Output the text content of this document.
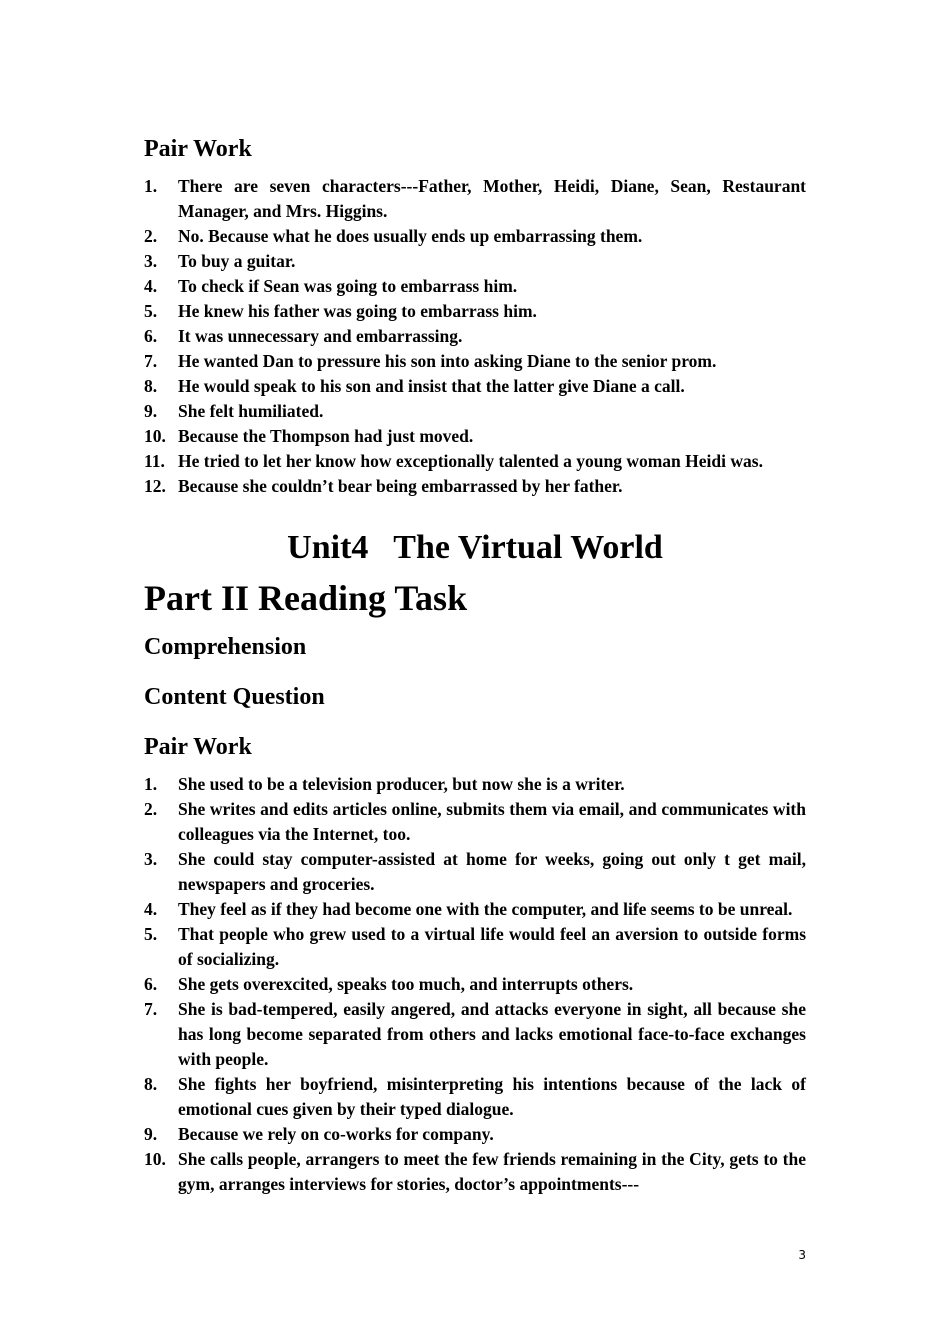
Pair Work
1. There are seven characters---Father, Mother, Heidi, Diane, Sean, Restaurant Manager, and Mrs. Higgins.
2. No. Because what he does usually ends up embarrassing them.
3. To buy a guitar.
4. To check if Sean was going to embarrass him.
5. He knew his father was going to embarrass him.
6. It was unnecessary and embarrassing.
7. He wanted Dan to pressure his son into asking Diane to the senior prom.
8. He would speak to his son and insist that the latter give Diane a call.
9. She felt humiliated.
10. Because the Thompson had just moved.
11. He tried to let her know how exceptionally talented a young woman Heidi was.
12. Because she couldn’t bear being embarrassed by her father.
Unit4   The Virtual World
Part II Reading Task
Comprehension
Content Question
Pair Work
1. She used to be a television producer, but now she is a writer.
2. She writes and edits articles online, submits them via email, and communicates with colleagues via the Internet, too.
3. She could stay computer-assisted at home for weeks, going out only t get mail, newspapers and groceries.
4. They feel as if they had become one with the computer, and life seems to be unreal.
5. That people who grew used to a virtual life would feel an aversion to outside forms of socializing.
6. She gets overexcited, speaks too much, and interrupts others.
7. She is bad-tempered, easily angered, and attacks everyone in sight, all because she has long become separated from others and lacks emotional face-to-face exchanges with people.
8. She fights her boyfriend, misinterpreting his intentions because of the lack of emotional cues given by their typed dialogue.
9. Because we rely on co-works for company.
10. She calls people, arrangers to meet the few friends remaining in the City, gets to the gym, arranges interviews for stories, doctor’s appointments---
3
